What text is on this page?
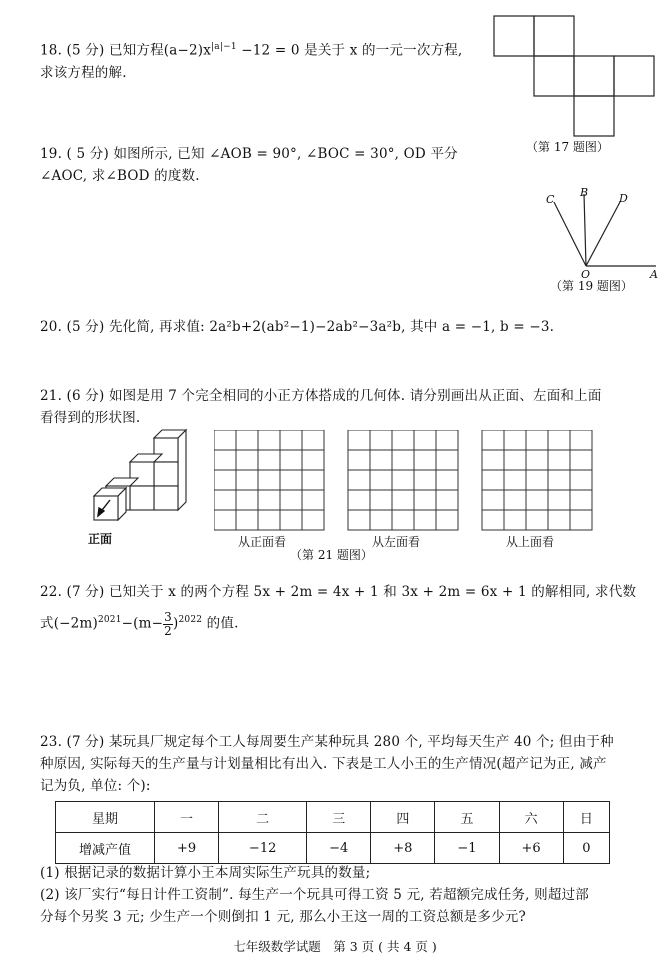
18. (5 分) 已知方程$(a-2)x^{|a|-1} -12 = 0$ 是关于 x 的一元一次方程,
求该方程的解.
（第 17 题图）
19. ( 5 分) 如图所示, 已知 ∠AOB = 90°, ∠BOC = 30°, OD 平分
∠AOC, 求∠BOD 的度数.
C
B	D
O	A
（第 19 题图）
20. (5 分) 先化简, 再求值: 2a²b+2(ab²−1)−2ab²−3a²b, 其中 a = −1, b = −3.
21. (6 分) 如图是用 7 个完全相同的小正方体搭成的几何体. 请分别画出从正面、左面和上面
看得到的形状图.
正面	从正面看	从左面看	从上面看
（第 21 题图）
22. (7 分) 已知关于 x 的两个方程 5x + 2m = 4x + 1 和 3x + 2m = 6x + 1 的解相同, 求代数
式$(-2m)^{2021}-(m- \frac{3}{2} )^{2022}$ 的值.
23. (7 分) 某玩具厂规定每个工人每周要生产某种玩具 280 个, 平均每天生产 40 个; 但由于种
种原因, 实际每天的生产量与计划量相比有出入. 下表是工人小王的生产情况(超产记为正, 减产
记为负, 单位: 个):
星期	一	二	三	四	五	六	日
增减产值	+9	−12	−4	+8	−1	+6	0
(1) 根据记录的数据计算小王本周实际生产玩具的数量;
(2) 该厂实行“每日计件工资制”. 每生产一个玩具可得工资 5 元, 若超额完成任务, 则超过部
分每个另奖 3 元; 少生产一个则倒扣 1 元, 那么小王这一周的工资总额是多少元?
七年级数学试题　第 3 页 ( 共 4 页 )
